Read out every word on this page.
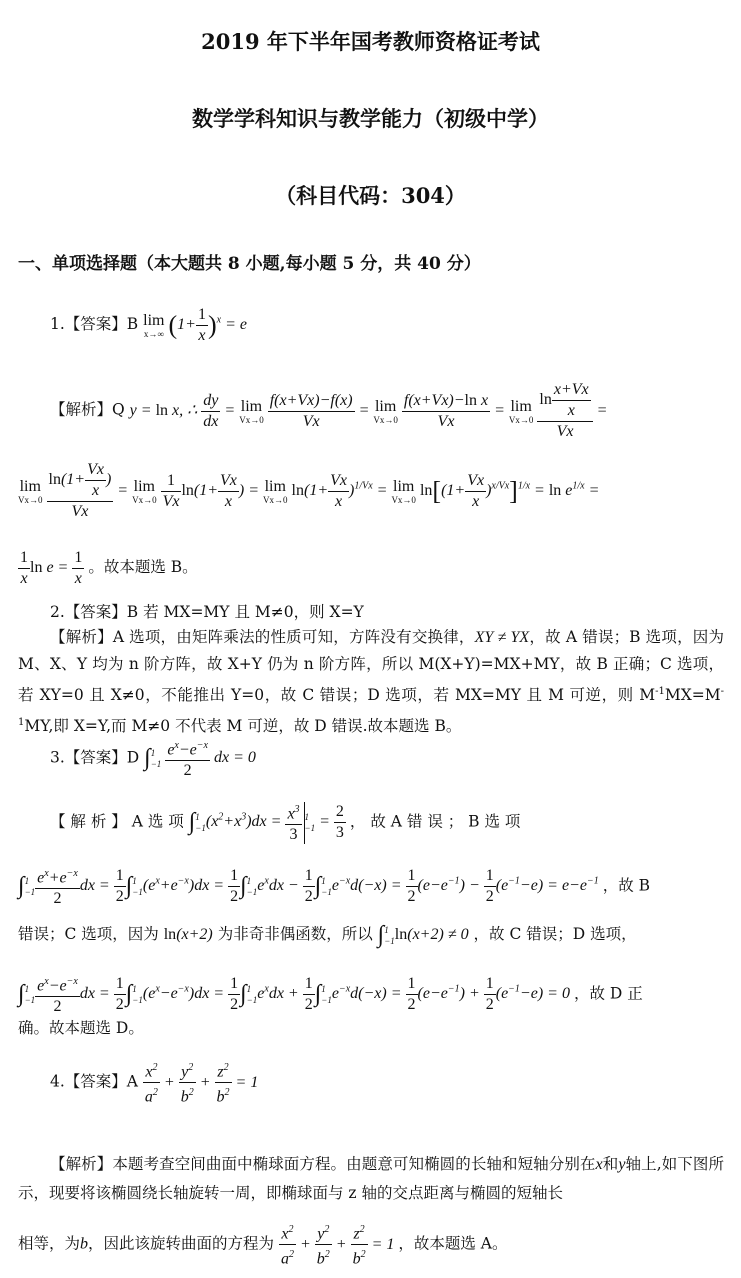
2019 年下半年国考教师资格证考试
数学学科知识与教学能力（初级中学）
（科目代码：304）
一、单项选择题（本大题共 8 小题,每小题 5 分，共 40 分）
1.【答案】B lim
x→∞ $(1+ \frac{1}{x} )^x = e$
【解析】Q y = ln x, ∴ $\frac{dy}{dx} = \lim$
Vx→0
$\frac{f(x+Vx)-f(x)}{Vx} = \lim$
Vx→0
$\frac{\text{f(x+Vx)−ln x}}{Vx} = \lim$
Vx→0
$\frac{\ln \frac{x+Vx}{x}}{Vx}$ =
lim
Vx→0
$\frac{\ln(1+ \frac{Vx}{x} )}{Vx} = \lim$
Vx→0
$\frac{1}{Vx} \ln(1+ \frac{Vx}{x}$ ) = lim
Vx→0
$\ln(1+ \frac{Vx}{x} )^{1/Vx} = \lim$
Vx→0
$\ln[(1+ \frac{Vx}{x} )^{x/Vx}]^{1/x} = \ln e^{1/x}$ =
$\frac{1}{x}$ $\ln e = \frac{1}{x}$ 。故本题选 B。
2.【答案】B 若 MX=MY 且 M≠0，则 X=Y
【解析】A 选项，由矩阵乘法的性质可知，方阵没有交换律，XY ≠ YX，故 A 错误；B 选项，因为 M、X、Y 均为 n 阶方阵，故 X+Y 仍为 n 阶方阵，所以 M(X+Y)=MX+MY，故 B 正确；C 选项，若 XY=0 且 X≠0，不能推出 Y=0，故 C 错误；D 选项，若 MX=MY 且 M 可逆，则 $M^{-1}MX=M^{-1}MY$,即 X=Y,而 M≠0 不代表 M 可逆，故 D 错误.故本题选 B。
3.【答案】D ∫1
$-1 \frac{e^x-e^{-x}}{2}$ dx = 0
【 解 析 】 A 选 项 ∫1
$-1(x^2+x^3)dx = \frac{x^3}{3} 1$
$-1 = \frac{2}{3}$ ， 故 A 错 误 ； B 选 项
∫1
$-1 \frac{e^x+e^{-x}}{2}$ dx = $\frac{1}{2} \int 1$
$-1(e^x+e^{-x})dx = \frac{1}{2} \int 1$
$-1e^xdx - \frac{1}{2} \int 1$
$-1e^{-x}d(-x) = \frac{1}{2} (e-e^{-1}) - \frac{1}{2} (e^{-1}-e) = e-e^{-1}$ ，故 B
错误；C 选项，因为 ln(x+2) 为非奇非偶函数，所以 ∫1
−1ln(x+2) ≠ 0 ，故 C 错误；D 选项，
∫1
$-1 \frac{e^x-e^{-x}}{2}$ dx = $\frac{1}{2} \int 1$
$-1(e^x-e^{-x})dx = \frac{1}{2} \int 1$
$-1e^xdx + \frac{1}{2} \int 1$
$-1e^{-x}d(-x) = \frac{1}{2} (e-e^{-1}) + \frac{1}{2} (e^{-1}-e) = 0$ ，故 D 正
确。故本题选 D。
4.【答案】A $\frac{x^2}{a^2} + \frac{y^2}{b^2} + \frac{z^2}{b^2} = 1$
【解析】本题考查空间曲面中椭球面方程。由题意可知椭圆的长轴和短轴分别在x和y轴上,如下图所示，现要将该椭圆绕长轴旋转一周，即椭球面与 z 轴的交点距离与椭圆的短轴长
相等，为b，因此该旋转曲面的方程为 $\frac{x^2}{a^2} + \frac{y^2}{b^2} + \frac{z^2}{b^2} = 1$ ，故本题选 A。
